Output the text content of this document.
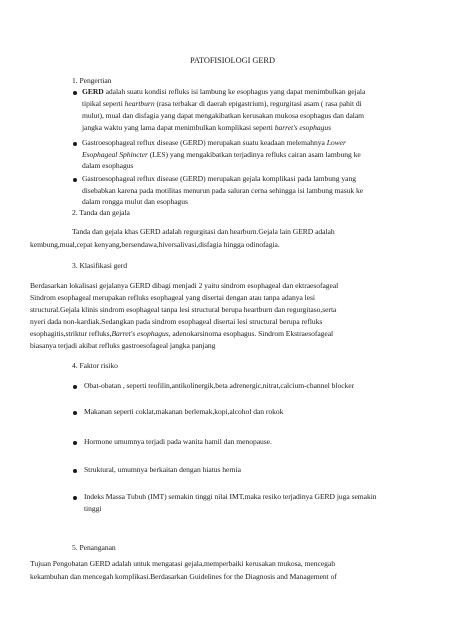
PATOFISIOLOGI GERD
1. Pengertian
GERD adalah suatu kondisi refluks isi lambung ke esophagus yang dapat menimbulkan gejala
tipikal seperti heartburn (rasa terbakar di daerah epigastrium), regurgitasi asam ( rasa pahit di
mulut), mual dan disfagia yang dapat mengakibatkan kerusakan mukosa esophagus dan dalam
jangka waktu yang lama dapat menimbulkan komplikasi seperti barret's esophagus
Gastroesophageal reflux disease (GERD) merupakan suatu keadaan melemahnya Lower
Esophageal Sphincter (LES) yang mengakibatkan terjadinya refluks cairan asam lambung ke
dalam esophagus
Gastroesophageal reflux disease (GERD) merupakan gejala komplikasi pada lambung yang
disebabkan karena pada motilitas menurun pada saluran cerna sehingga isi lambung masuk ke
dalam rongga mulut dan esophagus
2. Tanda dan gejala
Tanda dan gejala khas GERD adalah regurgitasi dan hearburn.Gejala lain GERD adalah
kembung,mual,cepat kenyang,bersendawa,hiversalivasi,disfagia hingga odinofagia.
3. Klasifikasi gerd
Berdasarkan lokalisasi gejalanya GERD dibagi menjadi 2 yaitu sindrom esophageal dan ektraesofageal
Sindrom esophageal merupakan refluks esophageal yang disertai dengan atau tanpa adanya lesi
structural.Gejala klinis sindrom esophageal tanpa lesi structural berupa heartburn dan regurgitaso,serta
nyeri dada non-kardiak.Sedangkan pada sindrom esophageal disertai lesi structural berupa refluks
esophagitis,striktur refluks,Barret's esophagus, adenokarsinoma esophagus. Sindrom Ekstraesofageal
biasanya terjadi akibat refluks gastroesofageal jangka panjang
4. Faktor risiko
Obat-obatan , seperti teofilin,antikolinergik,beta adrenergic,nitrat,calcium-channel blocker
Makanan seperti coklat,makanan berlemak,kopi,alcohol dan rokok
Hormone umumnya terjadi pada wanita hamil dan menopause.
Struktural, umumnya berkaitan dengan hiatus hernia
Indeks Massa Tubuh (IMT) semakin tinggi nilai IMT,maka resiko terjadinya GERD juga semakin
tinggi
5. Penanganan
Tujuan Pengobatan GERD adalah untuk mengatasi gejala,memperbaiki kerusakan mukosa, mencegah
kekambuhan dan mencegah komplikasi.Berdasarkan Guidelines for the Diagnosis and Management of
